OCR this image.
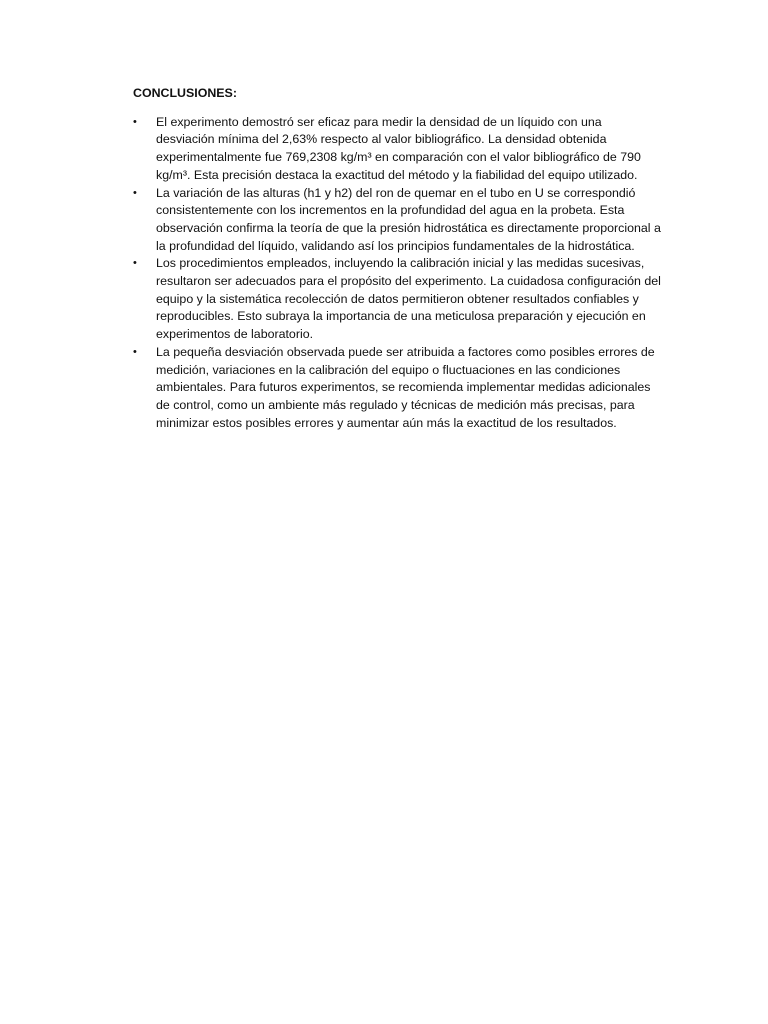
CONCLUSIONES:
•	El experimento demostró ser eficaz para medir la densidad de un líquido con una desviación mínima del 2,63% respecto al valor bibliográfico. La densidad obtenida experimentalmente fue 769,2308 kg/m³ en comparación con el valor bibliográfico de 790 kg/m³. Esta precisión destaca la exactitud del método y la fiabilidad del equipo utilizado.
•	La variación de las alturas (h1 y h2) del ron de quemar en el tubo en U se correspondió consistentemente con los incrementos en la profundidad del agua en la probeta. Esta observación confirma la teoría de que la presión hidrostática es directamente proporcional a la profundidad del líquido, validando así los principios fundamentales de la hidrostática.
•	Los procedimientos empleados, incluyendo la calibración inicial y las medidas sucesivas, resultaron ser adecuados para el propósito del experimento. La cuidadosa configuración del equipo y la sistemática recolección de datos permitieron obtener resultados confiables y reproducibles. Esto subraya la importancia de una meticulosa preparación y ejecución en experimentos de laboratorio.
•	La pequeña desviación observada puede ser atribuida a factores como posibles errores de medición, variaciones en la calibración del equipo o fluctuaciones en las condiciones ambientales. Para futuros experimentos, se recomienda implementar medidas adicionales de control, como un ambiente más regulado y técnicas de medición más precisas, para minimizar estos posibles errores y aumentar aún más la exactitud de los resultados.
